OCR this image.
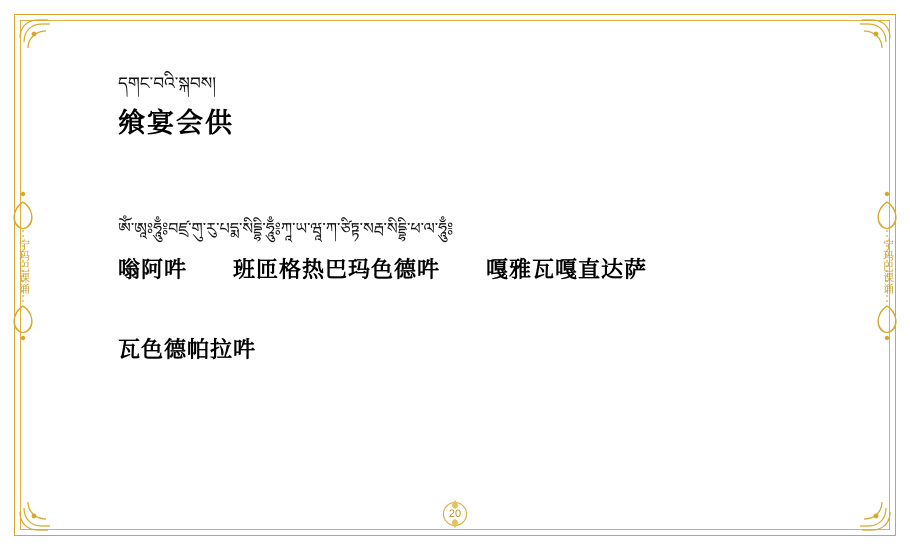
宁玛巴课诵	宁玛巴课诵
དགང་བའི་སྐབས།
飨宴会供
ཨོཾ་ཨཱཿཧཱུྃ༔བཛྲ་གུ་རུ་པདྨ་སིདྡྷི་ཧཱུྃ༔ཀཱ་ཡ་ཝཱ་ཀ་ཙིཏྟ་སརྦ་སིདྡྷི་ཕ་ལ་ཧཱུྃ༔
嗡阿吽　　班匝格热巴玛色德吽　　嘎雅瓦嘎直达萨
瓦色德帕拉吽
20
